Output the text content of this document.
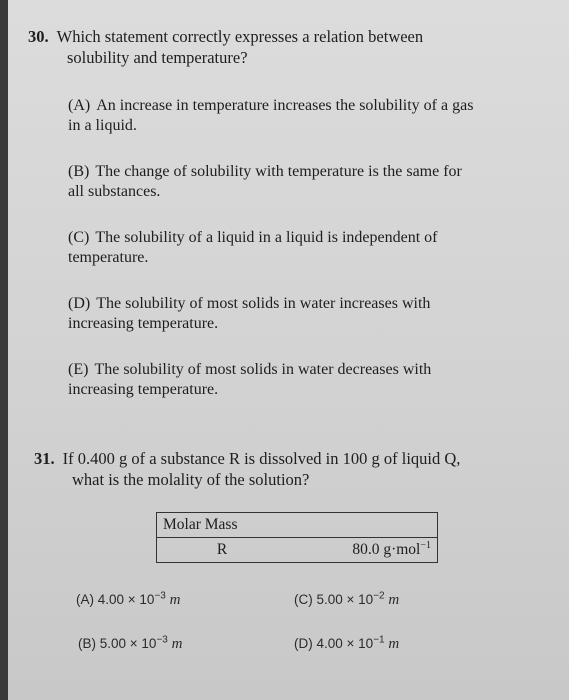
30. Which statement correctly expresses a relation between
solubility and temperature?
(A) An increase in temperature increases the solubility of a gas
in a liquid.
(B) The change of solubility with temperature is the same for
all substances.
(C) The solubility of a liquid in a liquid is independent of
temperature.
(D) The solubility of most solids in water increases with
increasing temperature.
(E) The solubility of most solids in water decreases with
increasing temperature.
31. If 0.400 g of a substance R is dissolved in 100 g of liquid Q,
what is the molality of the solution?
Molar Mass
R	80.0 g·mol$^{-1}$
(A) $4.00 \times 10^{-3}$ m	(C) $5.00 \times 10^{-2}$ m
(B) $5.00 \times 10^{-3}$ m	(D) $4.00 \times 10^{-1}$ m
